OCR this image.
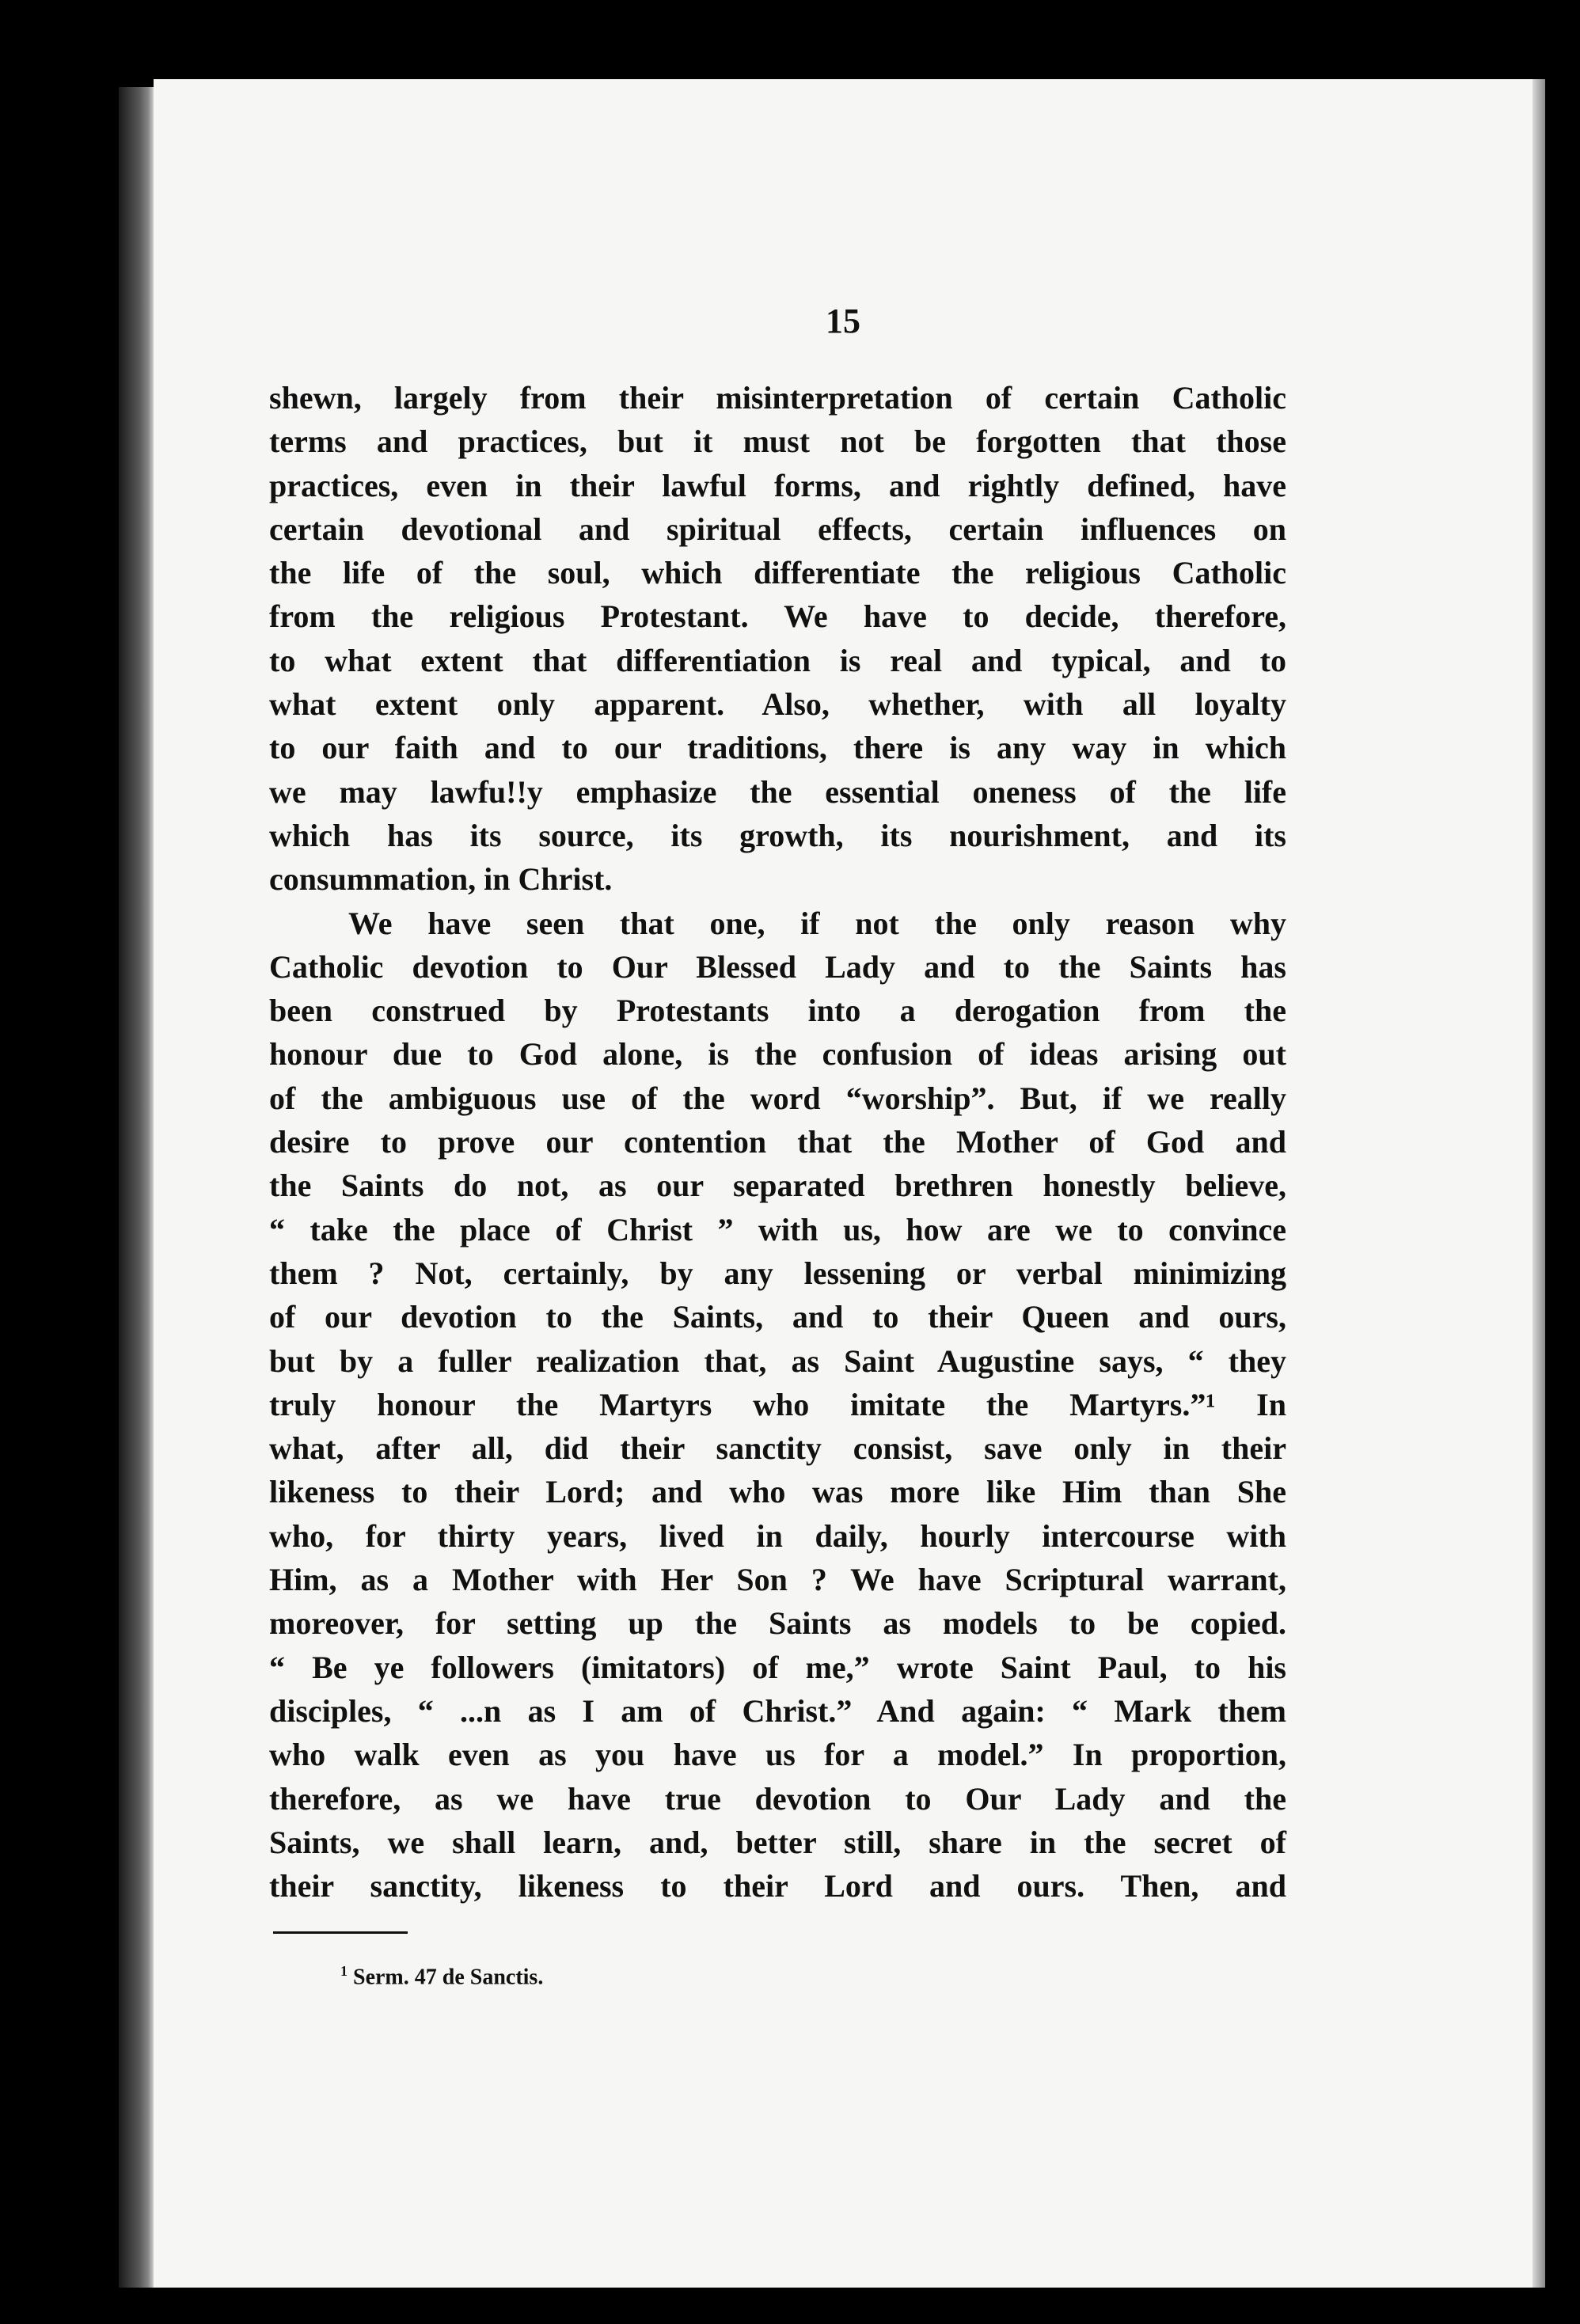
15
shewn, largely from their misinterpretation of certain Catholic
terms and practices, but it must not be forgotten that those
practices, even in their lawful forms, and rightly defined, have
certain devotional and spiritual effects, certain influences on
the life of the soul, which differentiate the religious Catholic
from the religious Protestant. We have to decide, therefore,
to what extent that differentiation is real and typical, and to
what extent only apparent. Also, whether, with all loyalty
to our faith and to our traditions, there is any way in which
we may lawfu!!y emphasize the essential oneness of the life
which has its source, its growth, its nourishment, and its
consummation, in Christ.
We have seen that one, if not the only reason why
Catholic devotion to Our Blessed Lady and to the Saints has
been construed by Protestants into a derogation from the
honour due to God alone, is the confusion of ideas arising out
of the ambiguous use of the word “worship”. But, if we really
desire to prove our contention that the Mother of God and
the Saints do not, as our separated brethren honestly believe,
“ take the place of Christ ” with us, how are we to convince
them ? Not, certainly, by any lessening or verbal minimizing
of our devotion to the Saints, and to their Queen and ours,
but by a fuller realization that, as Saint Augustine says, “ they
truly honour the Martyrs who imitate the Martyrs.”¹ In
what, after all, did their sanctity consist, save only in their
likeness to their Lord; and who was more like Him than She
who, for thirty years, lived in daily, hourly intercourse with
Him, as a Mother with Her Son ? We have Scriptural warrant,
moreover, for setting up the Saints as models to be copied.
“ Be ye followers (imitators) of me,” wrote Saint Paul, to his
disciples, “ ...n as I am of Christ.” And again: “ Mark them
who walk even as you have us for a model.” In proportion,
therefore, as we have true devotion to Our Lady and the
Saints, we shall learn, and, better still, share in the secret of
their sanctity, likeness to their Lord and ours. Then, and
$^1$ Serm. 47 de Sanctis.
